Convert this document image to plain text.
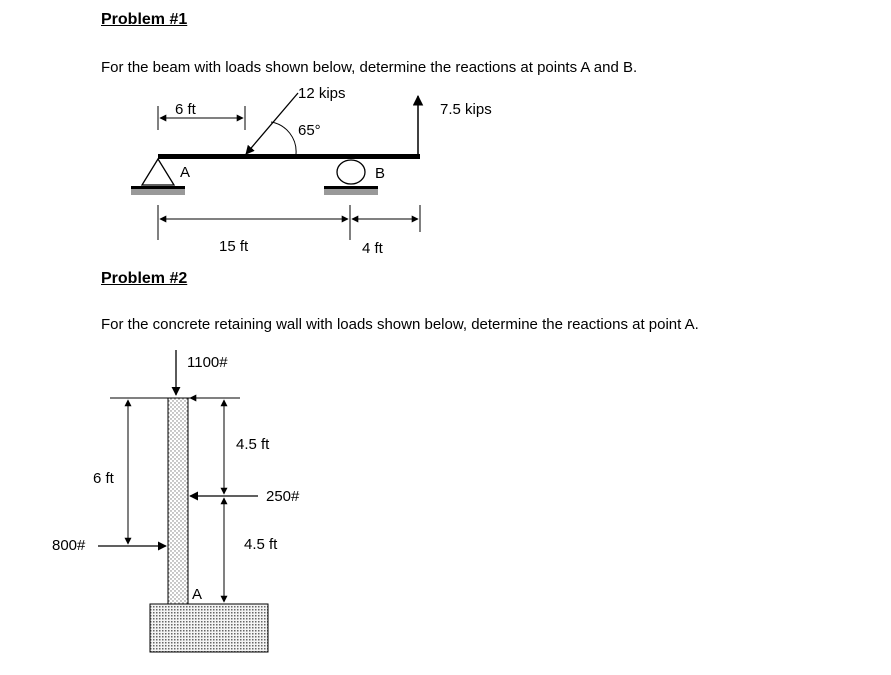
Problem #1
For the beam with loads shown below, determine the reactions at points A and B.
6 ft
12 kips
65°
7.5 kips
A	B
15 ft	4 ft
Problem #2
For the concrete retaining wall with loads shown below, determine the reactions at point A.
1100#
4.5 ft
6 ft
250#
800#	4.5 ft
A
